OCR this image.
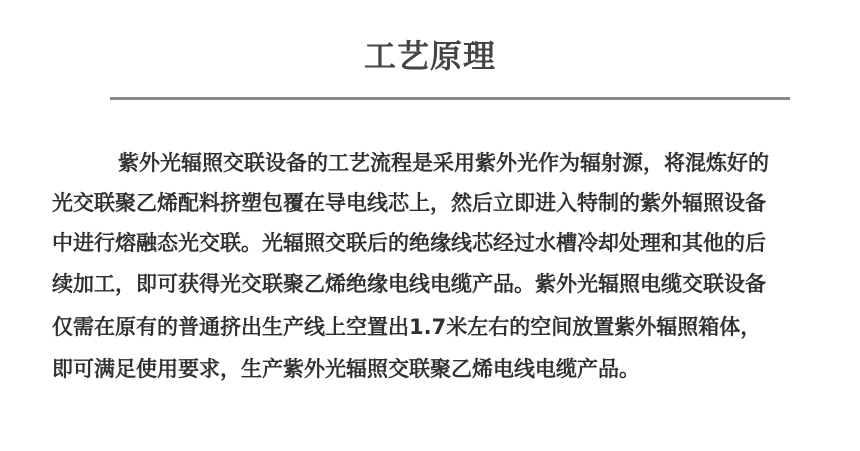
工艺原理
紫外光辐照交联设备的工艺流程是采用紫外光作为辐射源，将混炼好的
光交联聚乙烯配料挤塑包覆在导电线芯上，然后立即进入特制的紫外辐照设备
中进行熔融态光交联。光辐照交联后的绝缘线芯经过水槽冷却处理和其他的后
续加工，即可获得光交联聚乙烯绝缘电线电缆产品。紫外光辐照电缆交联设备
仅需在原有的普通挤出生产线上空置出1.7米左右的空间放置紫外辐照箱体，
即可满足使用要求，生产紫外光辐照交联聚乙烯电线电缆产品。
